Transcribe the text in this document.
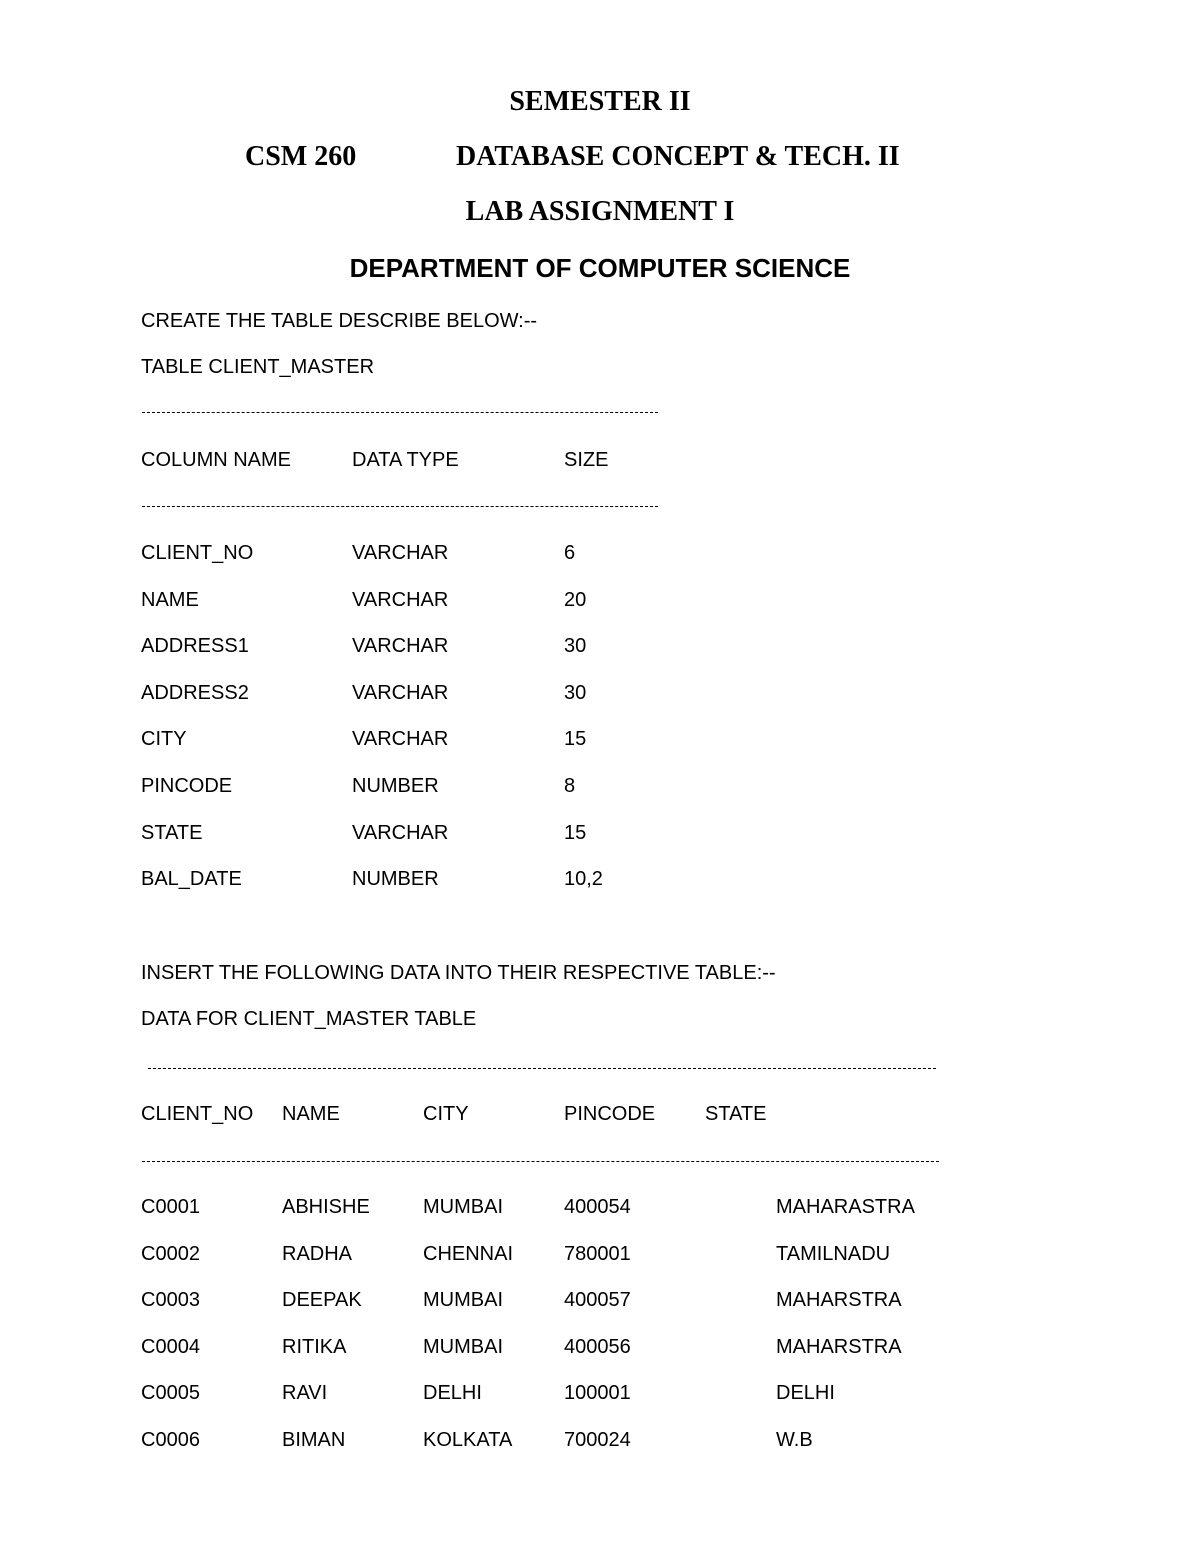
SEMESTER II
CSM 260	DATABASE CONCEPT & TECH. II
LAB ASSIGNMENT I
DEPARTMENT OF COMPUTER SCIENCE
CREATE THE TABLE DESCRIBE BELOW:--
TABLE CLIENT_MASTER
COLUMN NAME	DATA TYPE	SIZE
CLIENT_NO	VARCHAR	6
NAME	VARCHAR	20
ADDRESS1	VARCHAR	30
ADDRESS2	VARCHAR	30
CITY	VARCHAR	15
PINCODE	NUMBER	8
STATE	VARCHAR	15
BAL_DATE	NUMBER	10,2
INSERT THE FOLLOWING DATA INTO THEIR RESPECTIVE TABLE:--
DATA FOR CLIENT_MASTER TABLE
CLIENT_NO NAME	CITY	PINCODE STATE
C0001	ABHISHE	MUMBAI	400054	MAHARASTRA
C0002	RADHA	CHENNAI	780001	TAMILNADU
C0003	DEEPAK	MUMBAI	400057	MAHARSTRA
C0004	RITIKA	MUMBAI	400056	MAHARSTRA
C0005	RAVI	DELHI	100001	DELHI
C0006	BIMAN	KOLKATA	700024	W.B
